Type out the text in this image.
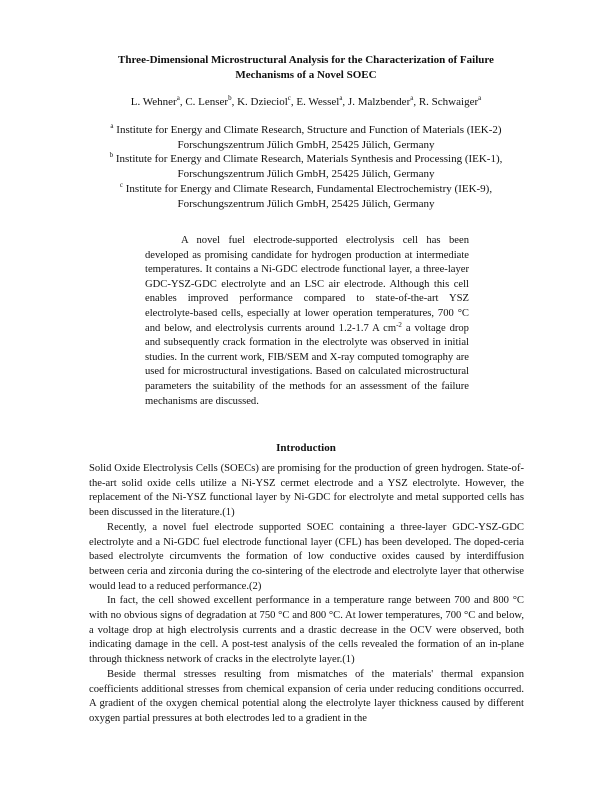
Three-Dimensional Microstructural Analysis for the Characterization of Failure
Mechanisms of a Novel SOEC
L. Wehner$^a$, C. Lenser$^b$, K. Dzieciol$^c$, E. Wessel$^a$, J. Malzbender$^a$, R. Schwaiger$^a$
$^a$ Institute for Energy and Climate Research, Structure and Function of Materials (IEK-2)
Forschungszentrum Jülich GmbH, 25425 Jülich, Germany
$^b$ Institute for Energy and Climate Research, Materials Synthesis and Processing (IEK-1),
Forschungszentrum Jülich GmbH, 25425 Jülich, Germany
$^c$ Institute for Energy and Climate Research, Fundamental Electrochemistry (IEK-9),
Forschungszentrum Jülich GmbH, 25425 Jülich, Germany

A novel fuel electrode-supported electrolysis cell has been developed as promising candidate for hydrogen production at intermediate temperatures. It contains a Ni-GDC electrode functional layer, a three-layer GDC-YSZ-GDC electrolyte and an LSC air electrode. Although this cell enables improved performance compared to state-of-the-art YSZ electrolyte-based cells, especially at lower operation temperatures, 700 °C and below, and electrolysis currents around 1.2-1.7 A $cm^{-2}$ a voltage drop and subsequently crack formation in the electrolyte was observed in initial studies. In the current work, FIB/SEM and X-ray computed tomography are used for microstructural investigations. Based on calculated microstructural parameters the suitability of the methods for an assessment of the failure mechanisms are discussed.

Introduction

Solid Oxide Electrolysis Cells (SOECs) are promising for the production of green hydrogen. State-of-the-art solid oxide cells utilize a Ni-YSZ cermet electrode and a YSZ electrolyte. However, the replacement of the Ni-YSZ functional layer by Ni-GDC for electrolyte and metal supported cells has been discussed in the literature.(1)

Recently, a novel fuel electrode supported SOEC containing a three-layer GDC-YSZ-GDC electrolyte and a Ni-GDC fuel electrode functional layer (CFL) has been developed. The doped-ceria based electrolyte circumvents the formation of low conductive oxides caused by interdiffusion between ceria and zirconia during the co-sintering of the electrode and electrolyte layer that otherwise would lead to a reduced performance.(2)

In fact, the cell showed excellent performance in a temperature range between 700 and 800 °C with no obvious signs of degradation at 750 °C and 800 °C. At lower temperatures, 700 °C and below, a voltage drop at high electrolysis currents and a drastic decrease in the OCV were observed, both indicating damage in the cell. A post-test analysis of the cells revealed the formation of an in-plane through thickness network of cracks in the electrolyte layer.(1)

Beside thermal stresses resulting from mismatches of the materials' thermal expansion coefficients additional stresses from chemical expansion of ceria under reducing conditions occurred. A gradient of the oxygen chemical potential along the electrolyte layer thickness caused by different oxygen partial pressures at both electrodes led to a gradient in the
